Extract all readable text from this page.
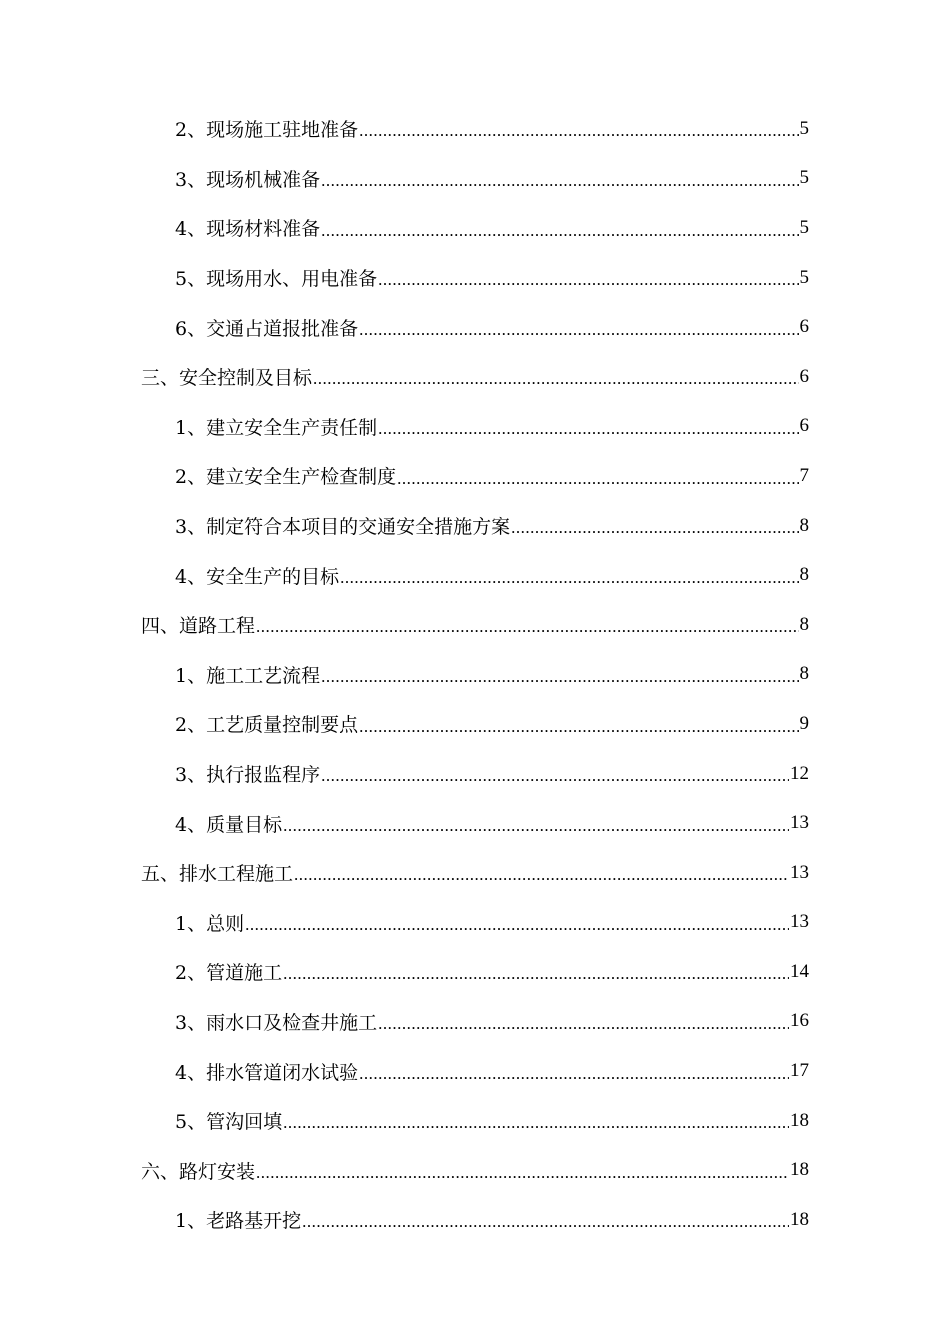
2、现场施工驻地准备 .....	5
3、现场机械准备 .....	5
4、现场材料准备 .....	5
5、现场用水、用电准备 .....	5
6、交通占道报批准备 .....	6
三、安全控制及目标 .....	6
1、建立安全生产责任制 .....	6
2、建立安全生产检查制度 .....	7
3、制定符合本项目的交通安全措施方案 .....	8
4、安全生产的目标 .....	8
四、道路工程 .....	8
1、施工工艺流程 .....	8
2、工艺质量控制要点 .....	9
3、执行报监程序 .....	12
4、质量目标 .....	13
五、排水工程施工 .....	13
1、总则 .....	13
2、管道施工 .....	14
3、雨水口及检查井施工 .....	16
4、排水管道闭水试验 .....	17
5、管沟回填 .....	18
六、路灯安装 .....	18
1、老路基开挖 .....	18
